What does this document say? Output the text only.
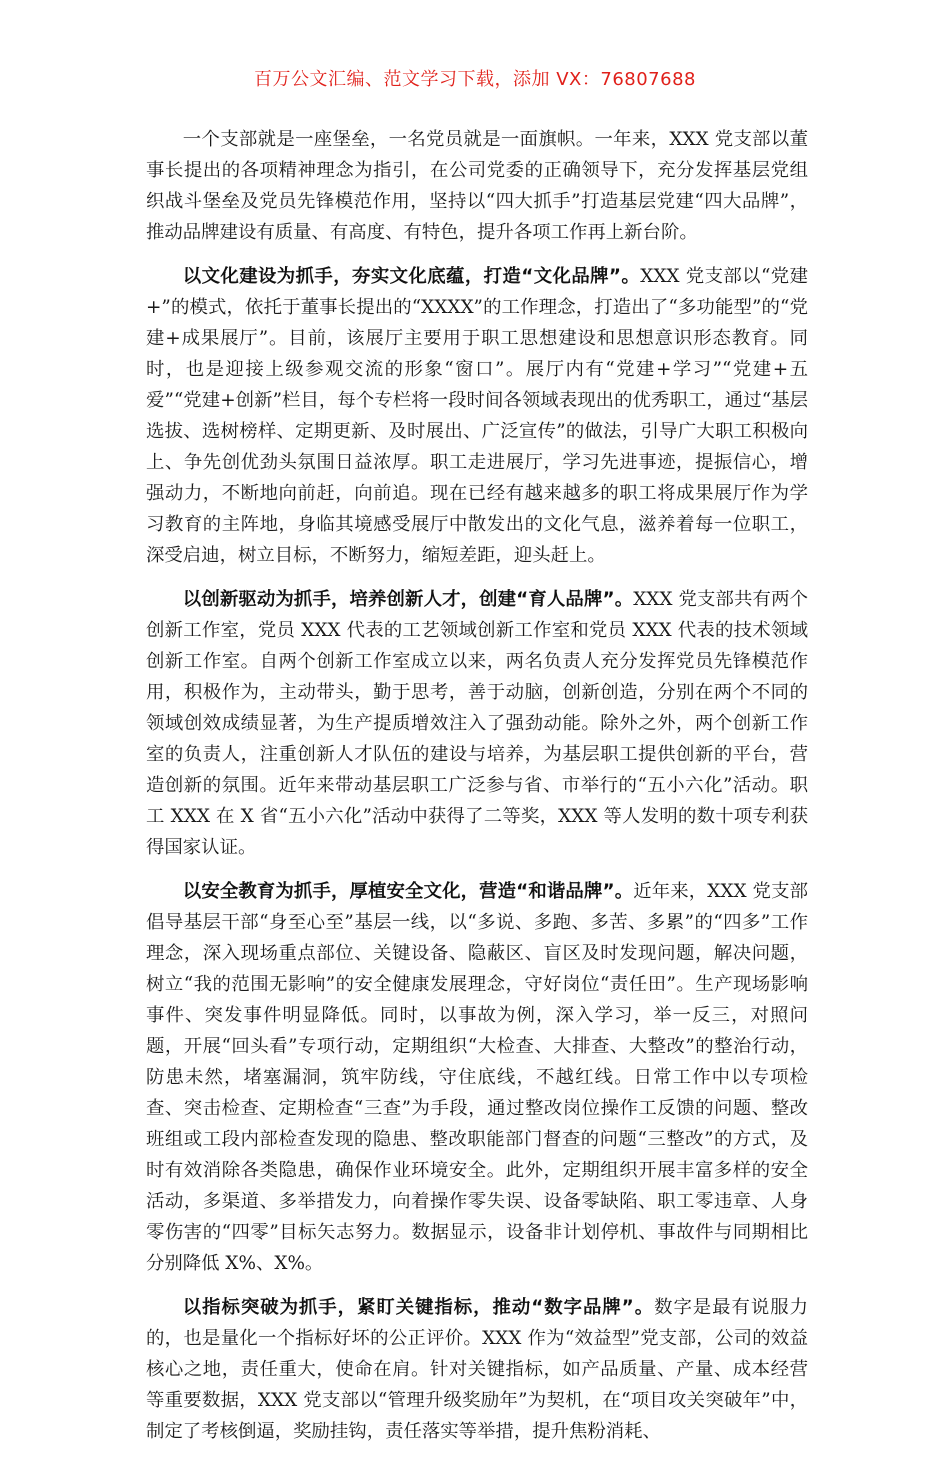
百万公文汇编、范文学习下载，添加 VX：76807688

一个支部就是一座堡垒，一名党员就是一面旗帜。一年来，XXX 党支部以董事长提出的各项精神理念为指引，在公司党委的正确领导下，充分发挥基层党组织战斗堡垒及党员先锋模范作用，坚持以“四大抓手”打造基层党建“四大品牌”，推动品牌建设有质量、有高度、有特色，提升各项工作再上新台阶。

以文化建设为抓手，夯实文化底蕴，打造“文化品牌”。XXX 党支部以“党建+”的模式，依托于董事长提出的“XXXX”的工作理念，打造出了“多功能型”的“党建+成果展厅”。目前，该展厅主要用于职工思想建设和思想意识形态教育。同时，也是迎接上级参观交流的形象“窗口”。展厅内有“党建+学习”“党建+五爱”“党建+创新”栏目，每个专栏将一段时间各领域表现出的优秀职工，通过“基层选拔、选树榜样、定期更新、及时展出、广泛宣传”的做法，引导广大职工积极向上、争先创优劲头氛围日益浓厚。职工走进展厅，学习先进事迹，提振信心，增强动力，不断地向前赶，向前追。现在已经有越来越多的职工将成果展厅作为学习教育的主阵地，身临其境感受展厅中散发出的文化气息，滋养着每一位职工，深受启迪，树立目标，不断努力，缩短差距，迎头赶上。

以创新驱动为抓手，培养创新人才，创建“育人品牌”。XXX 党支部共有两个创新工作室，党员 XXX 代表的工艺领域创新工作室和党员 XXX 代表的技术领域创新工作室。自两个创新工作室成立以来，两名负责人充分发挥党员先锋模范作用，积极作为，主动带头，勤于思考，善于动脑，创新创造，分别在两个不同的领域创效成绩显著，为生产提质增效注入了强劲动能。除外之外，两个创新工作室的负责人，注重创新人才队伍的建设与培养，为基层职工提供创新的平台，营造创新的氛围。近年来带动基层职工广泛参与省、市举行的“五小六化”活动。职工 XXX 在 X 省“五小六化”活动中获得了二等奖，XXX 等人发明的数十项专利获得国家认证。

以安全教育为抓手，厚植安全文化，营造“和谐品牌”。近年来，XXX 党支部倡导基层干部“身至心至”基层一线，以“多说、多跑、多苦、多累”的“四多”工作理念，深入现场重点部位、关键设备、隐蔽区、盲区及时发现问题，解决问题，树立“我的范围无影响”的安全健康发展理念，守好岗位“责任田”。生产现场影响事件、突发事件明显降低。同时，以事故为例，深入学习，举一反三，对照问题，开展“回头看”专项行动，定期组织“大检查、大排查、大整改”的整治行动，防患未然，堵塞漏洞，筑牢防线，守住底线，不越红线。日常工作中以专项检查、突击检查、定期检查“三查”为手段，通过整改岗位操作工反馈的问题、整改班组或工段内部检查发现的隐患、整改职能部门督查的问题“三整改”的方式，及时有效消除各类隐患，确保作业环境安全。此外，定期组织开展丰富多样的安全活动，多渠道、多举措发力，向着操作零失误、设备零缺陷、职工零违章、人身零伤害的“四零”目标矢志努力。数据显示，设备非计划停机、事故件与同期相比分别降低 X%、X%。

以指标突破为抓手，紧盯关键指标，推动“数字品牌”。数字是最有说服力的，也是量化一个指标好坏的公正评价。XXX 作为“效益型”党支部，公司的效益核心之地，责任重大，使命在肩。针对关键指标，如产品质量、产量、成本经营等重要数据，XXX 党支部以“管理升级奖励年”为契机，在“项目攻关突破年”中，制定了考核倒逼，奖励挂钩，责任落实等举措，提升焦粉消耗、
